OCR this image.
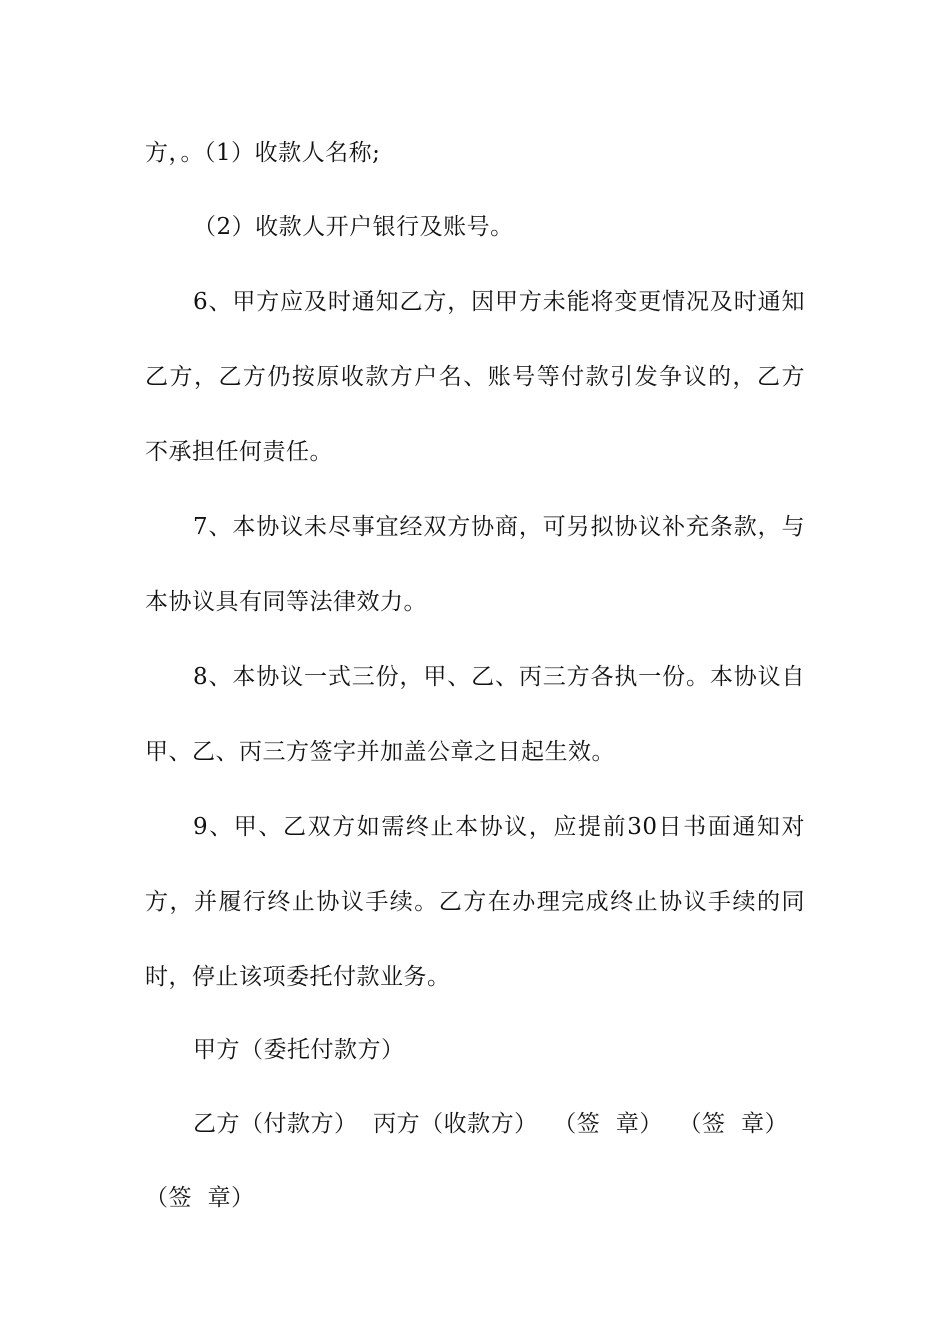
方，。（1）收款人名称;
（2）收款人开户银行及账号。
6、甲方应及时通知乙方，因甲方未能将变更情况及时通知
乙方，乙方仍按原收款方户名、账号等付款引发争议的，乙方
不承担任何责任。
7、本协议未尽事宜经双方协商，可另拟协议补充条款，与
本协议具有同等法律效力。
8、本协议一式三份，甲、乙、丙三方各执一份。本协议自
甲、乙、丙三方签字并加盖公章之日起生效。
9、甲、乙双方如需终止本协议，应提前30日书面通知对
方，并履行终止协议手续。乙方在办理完成终止协议手续的同
时，停止该项委托付款业务。
甲方（委托付款方）
乙方（付款方）  丙方（收款方）  （签  章）  （签  章）
（签  章）
